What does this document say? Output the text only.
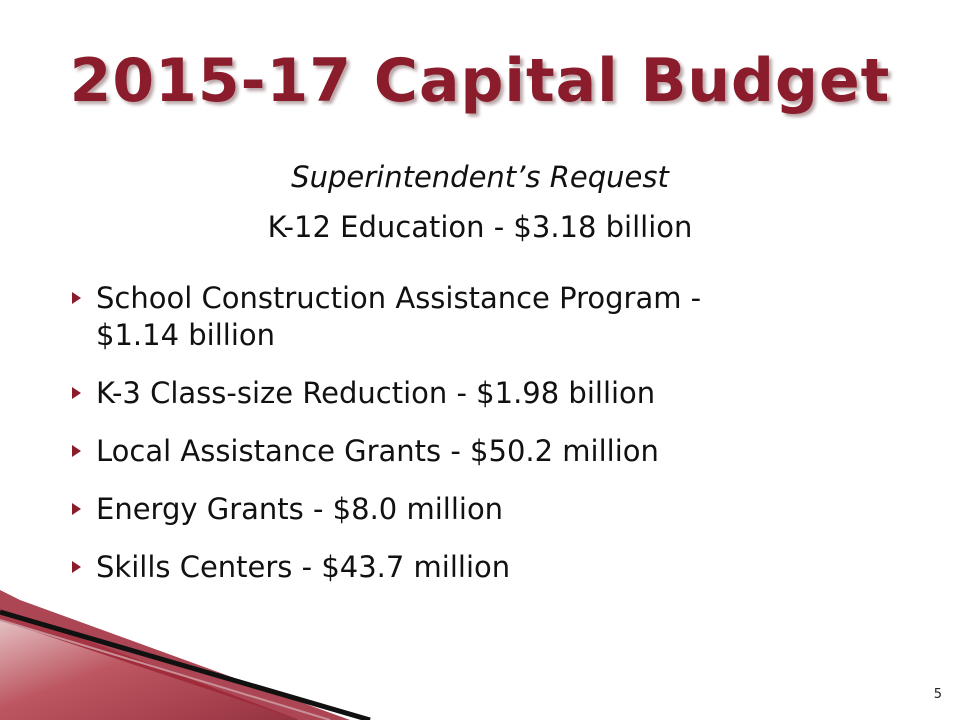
2015-17 Capital Budget
Superintendent’s Request
K-12 Education - $3.18 billion
School Construction Assistance Program -
$1.14 billion
K-3 Class-size Reduction - $1.98 billion
Local Assistance Grants - $50.2 million
Energy Grants - $8.0 million
Skills Centers - $43.7 million
5
